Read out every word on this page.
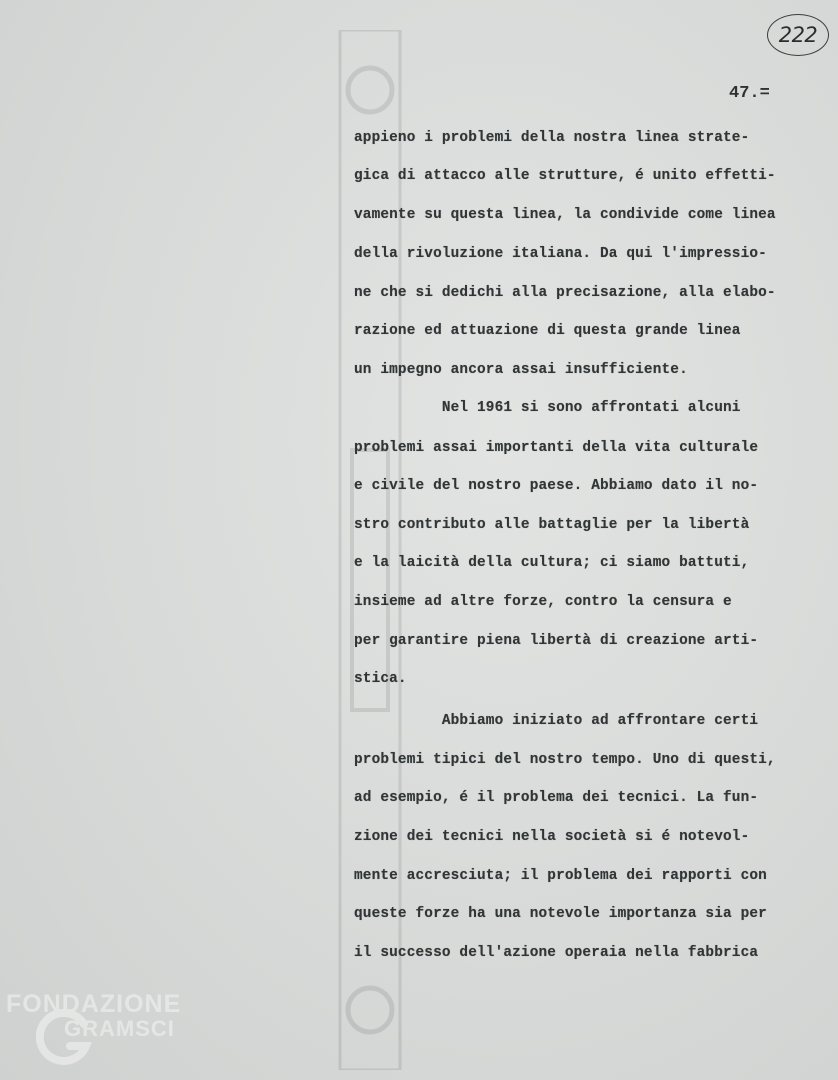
222
47.=
appieno i problemi della nostra linea strate-
gica di attacco alle strutture, é unito effetti-
vamente su questa linea, la condivide come linea
della rivoluzione italiana. Da qui l'impressio-
ne che si dedichi alla precisazione, alla elabo-
razione ed attuazione di questa grande linea
un impegno ancora assai insufficiente.
Nel 1961 si sono affrontati alcuni
problemi assai importanti della vita culturale
e civile del nostro paese. Abbiamo dato il no-
stro contributo alle battaglie per la libertà
e la laicità della cultura; ci siamo battuti,
insieme ad altre forze, contro la censura e
per garantire piena libertà di creazione arti-
stica.
Abbiamo iniziato ad affrontare certi
problemi tipici del nostro tempo. Uno di questi,
ad esempio, é il problema dei tecnici. La fun-
zione dei tecnici nella società si é notevol-
mente accresciuta; il problema dei rapporti con
queste forze ha una notevole importanza sia per
il successo dell'azione operaia nella fabbrica
FONDAZIONE
GRAMSCI
